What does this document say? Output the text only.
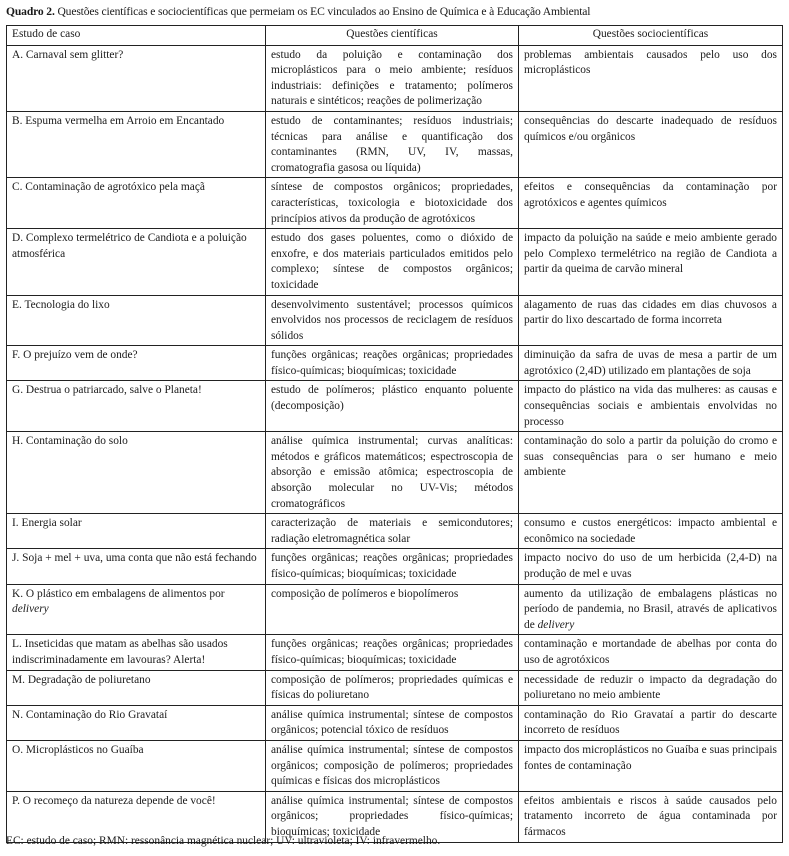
Quadro 2. Questões científicas e sociocientíficas que permeiam os EC vinculados ao Ensino de Química e à Educação Ambiental
Estudo de caso	Questões científicas	Questões sociocientíficas
A. Carnaval sem glitter?	estudo da poluição e contaminação dos microplásticos para o meio ambiente; resíduos industriais: definições e tratamento; polímeros naturais e sintéticos; reações de polimerização	problemas ambientais causados pelo uso dos microplásticos
B. Espuma vermelha em Arroio em Encantado	estudo de contaminantes; resíduos industriais; técnicas para análise e quantificação dos contaminantes (RMN, UV, IV, massas, cromatografia gasosa ou líquida)	consequências do descarte inadequado de resíduos químicos e/ou orgânicos
C. Contaminação de agrotóxico pela maçã	síntese de compostos orgânicos; propriedades, características, toxicologia e biotoxicidade dos princípios ativos da produção de agrotóxicos	efeitos e consequências da contaminação por agrotóxicos e agentes químicos
D. Complexo termelétrico de Candiota e a poluição atmosférica	estudo dos gases poluentes, como o dióxido de enxofre, e dos materiais particulados emitidos pelo complexo; síntese de compostos orgânicos; toxicidade	impacto da poluição na saúde e meio ambiente gerado pelo Complexo termelétrico na região de Candiota a partir da queima de carvão mineral
E. Tecnologia do lixo	desenvolvimento sustentável; processos químicos envolvidos nos processos de reciclagem de resíduos sólidos	alagamento de ruas das cidades em dias chuvosos a partir do lixo descartado de forma incorreta
F. O prejuízo vem de onde?	funções orgânicas; reações orgânicas; propriedades físico-químicas; bioquímicas; toxicidade	diminuição da safra de uvas de mesa a partir de um agrotóxico (2,4D) utilizado em plantações de soja
G. Destrua o patriarcado, salve o Planeta!	estudo de polímeros; plástico enquanto poluente (decomposição)	impacto do plástico na vida das mulheres: as causas e consequências sociais e ambientais envolvidas no processo
H. Contaminação do solo	análise química instrumental; curvas analíticas: métodos e gráficos matemáticos; espectroscopia de absorção e emissão atômica; espectroscopia de absorção molecular no UV-Vis; métodos cromatográficos	contaminação do solo a partir da poluição do cromo e suas consequências para o ser humano e meio ambiente
I. Energia solar	caracterização de materiais e semicondutores; radiação eletromagnética solar	consumo e custos energéticos: impacto ambiental e econômico na sociedade
J. Soja + mel + uva, uma conta que não está fechando	funções orgânicas; reações orgânicas; propriedades físico-químicas; bioquímicas; toxicidade	impacto nocivo do uso de um herbicida (2,4-D) na produção de mel e uvas
K. O plástico em embalagens de alimentos por delivery	composição de polímeros e biopolímeros	aumento da utilização de embalagens plásticas no período de pandemia, no Brasil, através de aplicativos de delivery
L. Inseticidas que matam as abelhas são usados indiscriminadamente em lavouras? Alerta!	funções orgânicas; reações orgânicas; propriedades físico-químicas; bioquímicas; toxicidade	contaminação e mortandade de abelhas por conta do uso de agrotóxicos
M. Degradação de poliuretano	composição de polímeros; propriedades químicas e físicas do poliuretano	necessidade de reduzir o impacto da degradação do poliuretano no meio ambiente
N. Contaminação do Rio Gravataí	análise química instrumental; síntese de compostos orgânicos; potencial tóxico de resíduos	contaminação do Rio Gravataí a partir do descarte incorreto de resíduos
O. Microplásticos no Guaíba	análise química instrumental; síntese de compostos orgânicos; composição de polímeros; propriedades químicas e físicas dos microplásticos	impacto dos microplásticos no Guaíba e suas principais fontes de contaminação
P. O recomeço da natureza depende de você!	análise química instrumental; síntese de compostos orgânicos; propriedades físico-químicas; bioquímicas; toxicidade	efeitos ambientais e riscos à saúde causados pelo tratamento incorreto de água contaminada por fármacos
EC: estudo de caso; RMN: ressonância magnética nuclear; UV: ultravioleta; IV: infravermelho.
